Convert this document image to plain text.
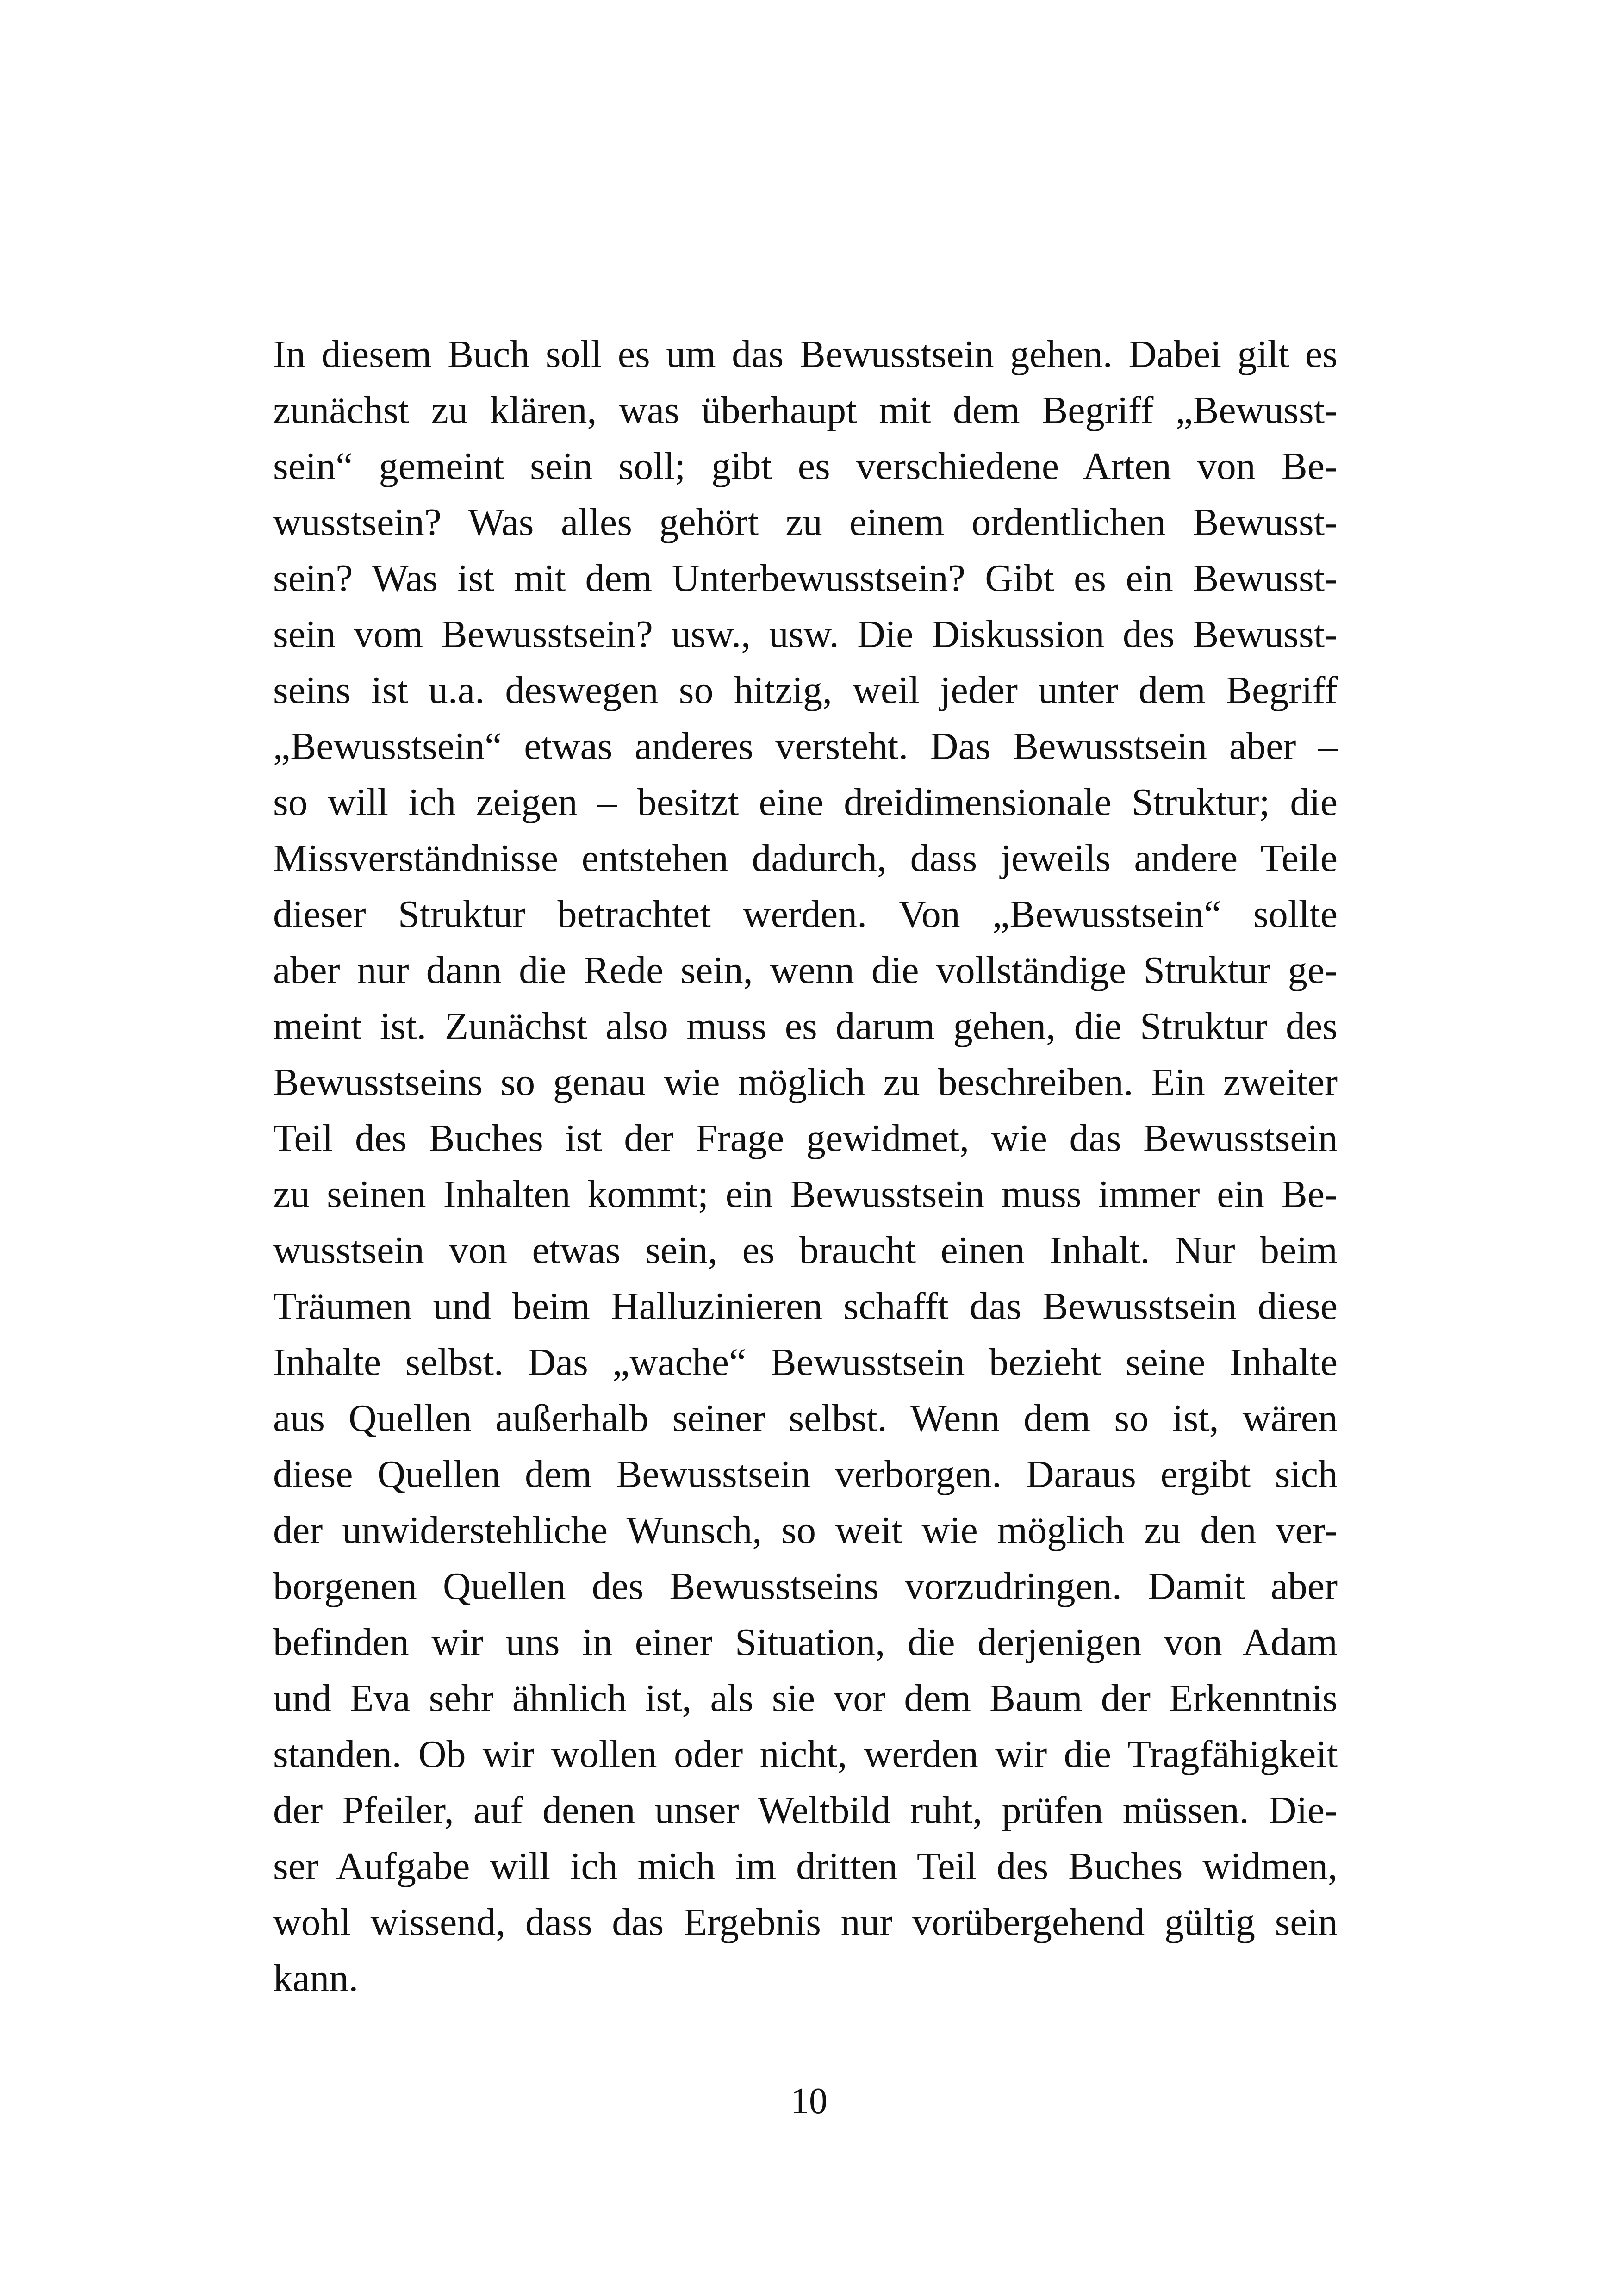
In diesem Buch soll es um das Bewusstsein gehen. Dabei gilt es
zunächst zu klären, was überhaupt mit dem Begriff „Bewusst-
sein“ gemeint sein soll; gibt es verschiedene Arten von Be-
wusstsein? Was alles gehört zu einem ordentlichen Bewusst-
sein? Was ist mit dem Unterbewusstsein? Gibt es ein Bewusst-
sein vom Bewusstsein? usw., usw. Die Diskussion des Bewusst-
seins ist u.a. deswegen so hitzig, weil jeder unter dem Begriff
„Bewusstsein“ etwas anderes versteht. Das Bewusstsein aber –
so will ich zeigen – besitzt eine dreidimensionale Struktur; die
Missverständnisse entstehen dadurch, dass jeweils andere Teile
dieser Struktur betrachtet werden. Von „Bewusstsein“ sollte
aber nur dann die Rede sein, wenn die vollständige Struktur ge-
meint ist. Zunächst also muss es darum gehen, die Struktur des
Bewusstseins so genau wie möglich zu beschreiben. Ein zweiter
Teil des Buches ist der Frage gewidmet, wie das Bewusstsein
zu seinen Inhalten kommt; ein Bewusstsein muss immer ein Be-
wusstsein von etwas sein, es braucht einen Inhalt. Nur beim
Träumen und beim Halluzinieren schafft das Bewusstsein diese
Inhalte selbst. Das „wache“ Bewusstsein bezieht seine Inhalte
aus Quellen außerhalb seiner selbst. Wenn dem so ist, wären
diese Quellen dem Bewusstsein verborgen. Daraus ergibt sich
der unwiderstehliche Wunsch, so weit wie möglich zu den ver-
borgenen Quellen des Bewusstseins vorzudringen. Damit aber
befinden wir uns in einer Situation, die derjenigen von Adam
und Eva sehr ähnlich ist, als sie vor dem Baum der Erkenntnis
standen. Ob wir wollen oder nicht, werden wir die Tragfähigkeit
der Pfeiler, auf denen unser Weltbild ruht, prüfen müssen. Die-
ser Aufgabe will ich mich im dritten Teil des Buches widmen,
wohl wissend, dass das Ergebnis nur vorübergehend gültig sein
kann.
10
